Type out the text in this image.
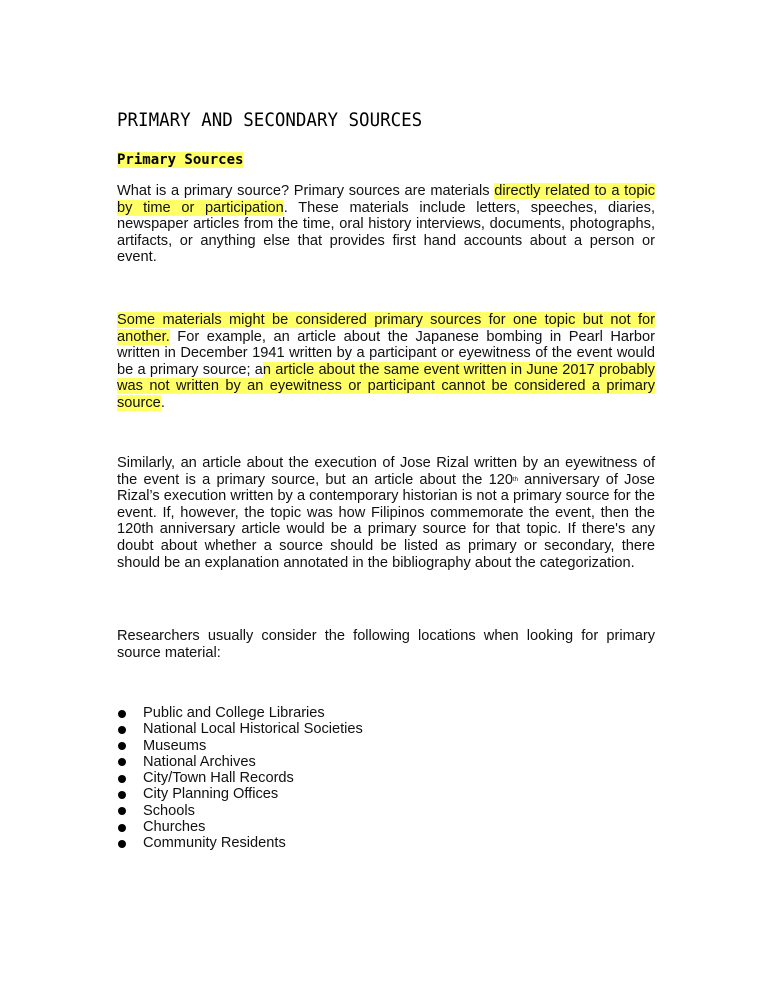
PRIMARY AND SECONDARY SOURCES
Primary Sources

What is a primary source? Primary sources are materials directly related to a topic by time or participation. These materials include letters, speeches, diaries, newspaper articles from the time, oral history interviews, documents, photographs, artifacts, or anything else that provides first hand accounts about a person or event.

Some materials might be considered primary sources for one topic but not for another. For example, an article about the Japanese bombing in Pearl Harbor written in December 1941 written by a participant or eyewitness of the event would be a primary source; an article about the same event written in June 2017 probably was not written by an eyewitness or participant cannot be considered a primary source.

Similarly, an article about the execution of Jose Rizal written by an eyewitness of the event is a primary source, but an article about the 120th anniversary of Jose Rizal’s execution written by a contemporary historian is not a primary source for the event. If, however, the topic was how Filipinos commemorate the event, then the 120th anniversary article would be a primary source for that topic. If there's any doubt about whether a source should be listed as primary or secondary, there should be an explanation annotated in the bibliography about the categorization.

Researchers usually consider the following locations when looking for primary source material:

Public and College Libraries
National Local Historical Societies
Museums
National Archives
City/Town Hall Records
City Planning Offices
Schools
Churches
Community Residents
